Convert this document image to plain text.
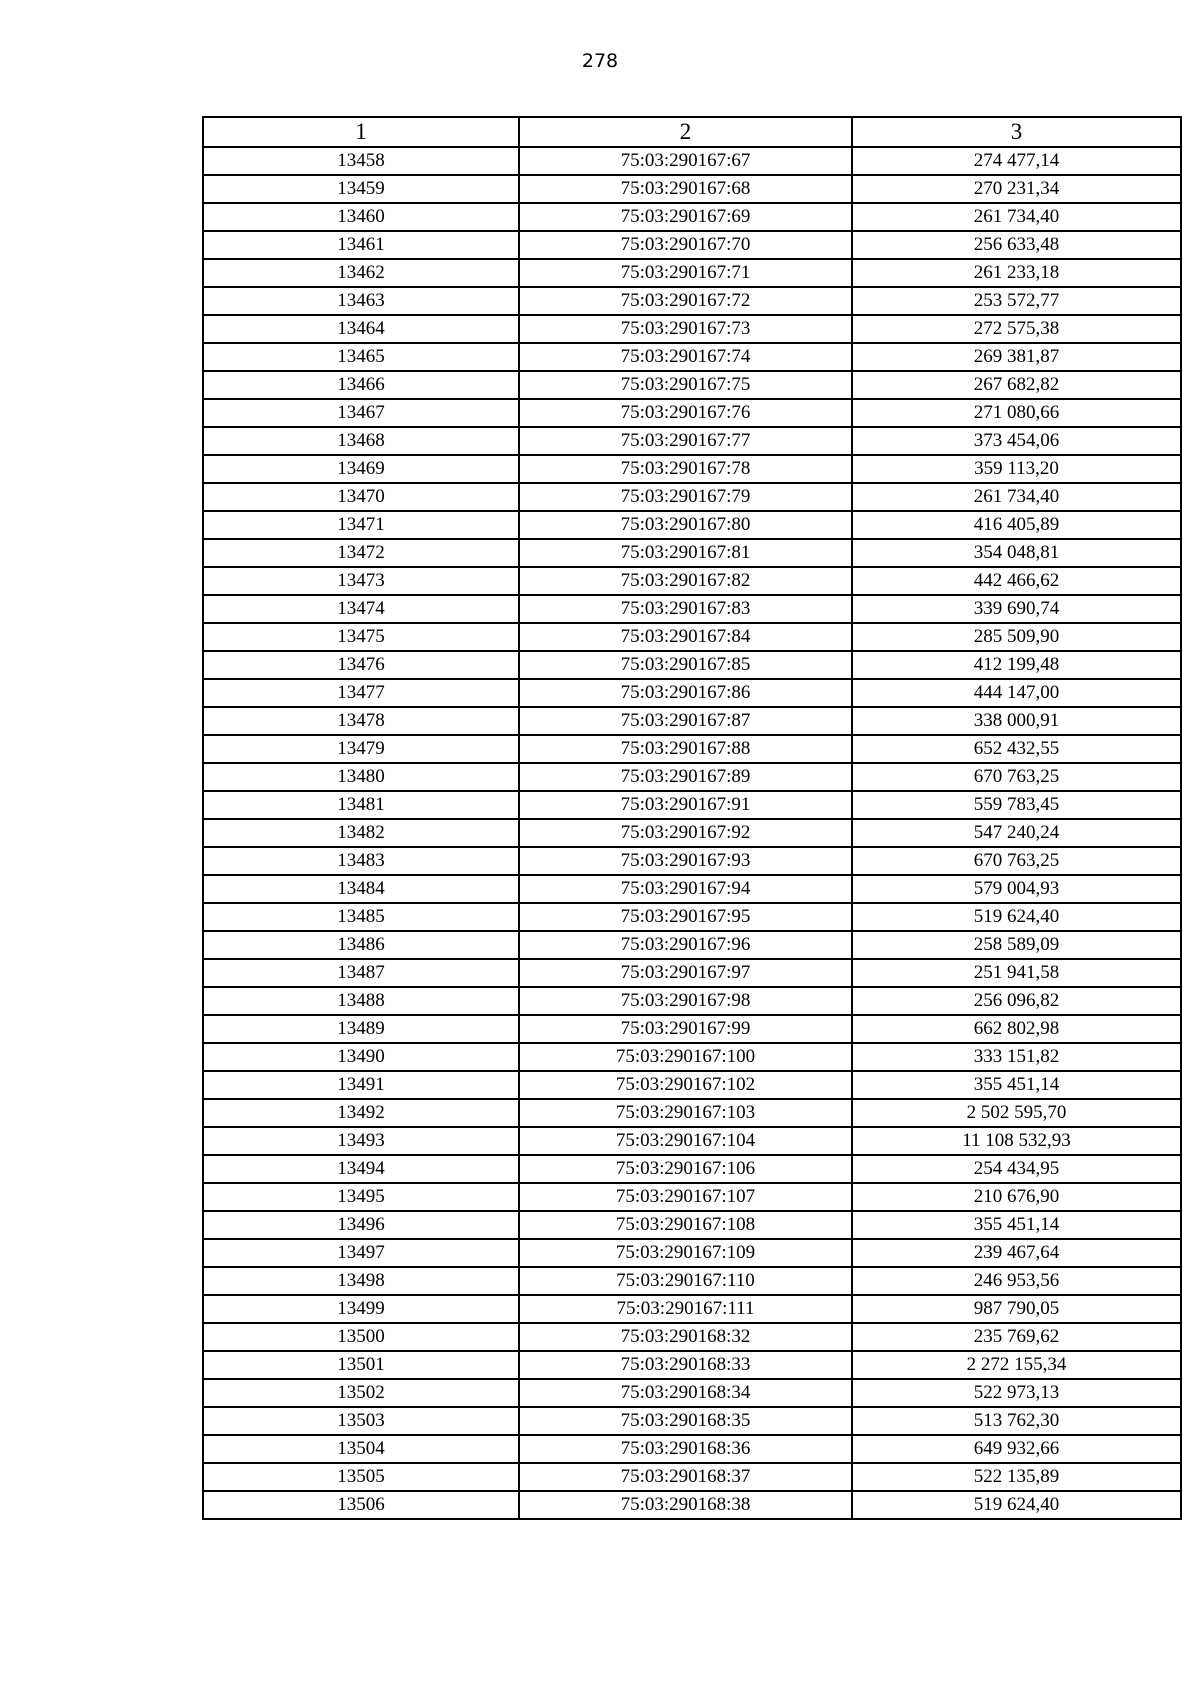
278
1	2	3
13458	75:03:290167:67	274 477,14
13459	75:03:290167:68	270 231,34
13460	75:03:290167:69	261 734,40
13461	75:03:290167:70	256 633,48
13462	75:03:290167:71	261 233,18
13463	75:03:290167:72	253 572,77
13464	75:03:290167:73	272 575,38
13465	75:03:290167:74	269 381,87
13466	75:03:290167:75	267 682,82
13467	75:03:290167:76	271 080,66
13468	75:03:290167:77	373 454,06
13469	75:03:290167:78	359 113,20
13470	75:03:290167:79	261 734,40
13471	75:03:290167:80	416 405,89
13472	75:03:290167:81	354 048,81
13473	75:03:290167:82	442 466,62
13474	75:03:290167:83	339 690,74
13475	75:03:290167:84	285 509,90
13476	75:03:290167:85	412 199,48
13477	75:03:290167:86	444 147,00
13478	75:03:290167:87	338 000,91
13479	75:03:290167:88	652 432,55
13480	75:03:290167:89	670 763,25
13481	75:03:290167:91	559 783,45
13482	75:03:290167:92	547 240,24
13483	75:03:290167:93	670 763,25
13484	75:03:290167:94	579 004,93
13485	75:03:290167:95	519 624,40
13486	75:03:290167:96	258 589,09
13487	75:03:290167:97	251 941,58
13488	75:03:290167:98	256 096,82
13489	75:03:290167:99	662 802,98
13490	75:03:290167:100	333 151,82
13491	75:03:290167:102	355 451,14
13492	75:03:290167:103	2 502 595,70
13493	75:03:290167:104	11 108 532,93
13494	75:03:290167:106	254 434,95
13495	75:03:290167:107	210 676,90
13496	75:03:290167:108	355 451,14
13497	75:03:290167:109	239 467,64
13498	75:03:290167:110	246 953,56
13499	75:03:290167:111	987 790,05
13500	75:03:290168:32	235 769,62
13501	75:03:290168:33	2 272 155,34
13502	75:03:290168:34	522 973,13
13503	75:03:290168:35	513 762,30
13504	75:03:290168:36	649 932,66
13505	75:03:290168:37	522 135,89
13506	75:03:290168:38	519 624,40
